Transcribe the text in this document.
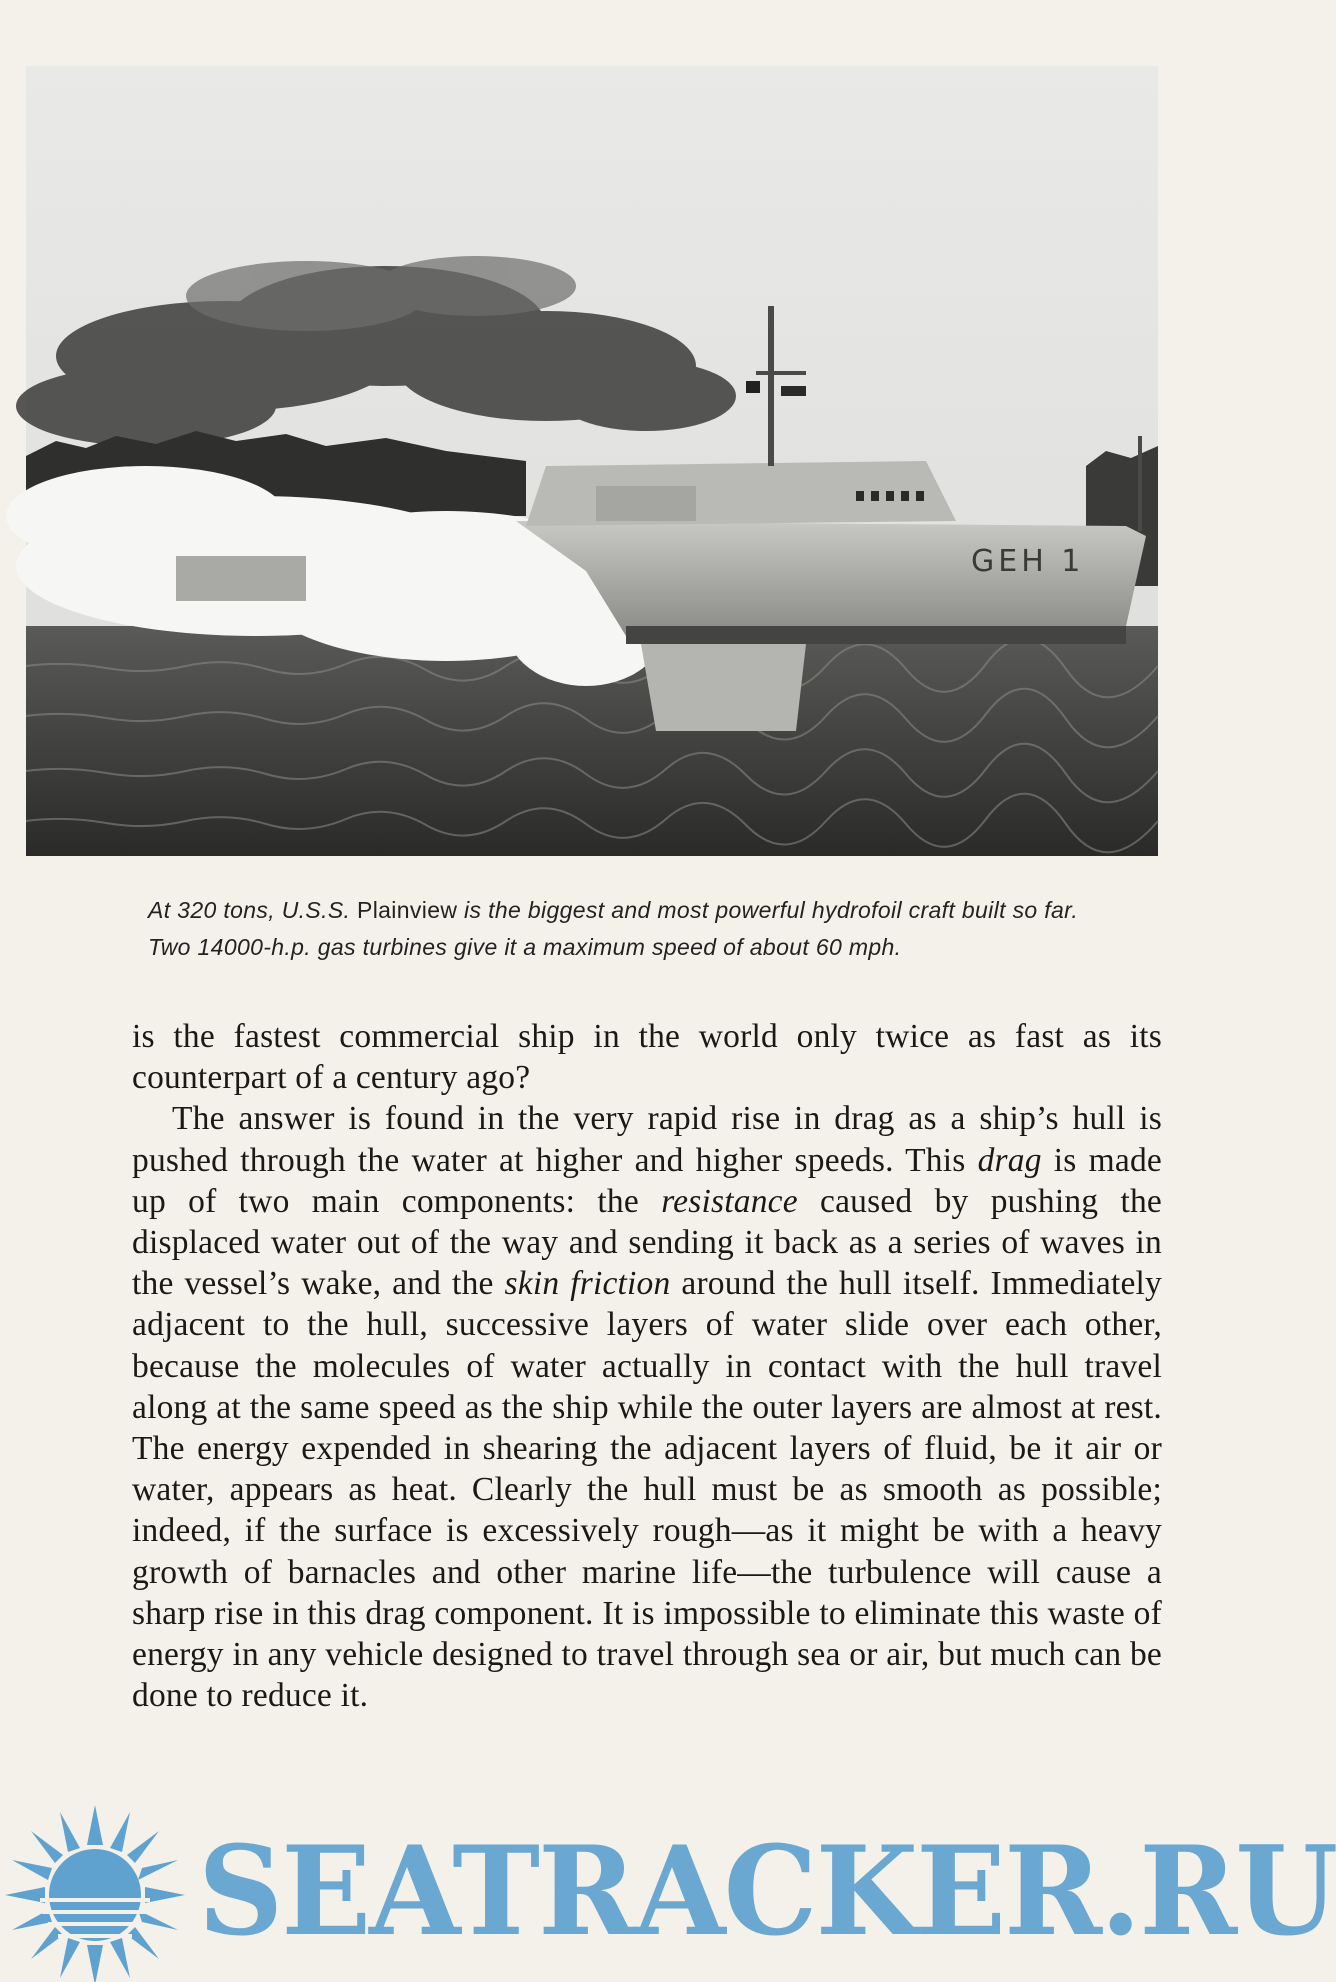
GEH 1

At 320 tons, U.S.S. Plainview is the biggest and most powerful hydrofoil craft built so far. Two 14000-h.p. gas turbines give it a maximum speed of about 60 mph.

is the fastest commercial ship in the world only twice as fast as its counterpart of a century ago?

The answer is found in the very rapid rise in drag as a ship’s hull is pushed through the water at higher and higher speeds. This drag is made up of two main components: the resistance caused by pushing the displaced water out of the way and sending it back as a series of waves in the vessel’s wake, and the skin friction around the hull itself. Immediately adjacent to the hull, successive layers of water slide over each other, because the molecules of water actually in contact with the hull travel along at the same speed as the ship while the outer layers are almost at rest. The energy expended in shearing the adjacent layers of fluid, be it air or water, appears as heat. Clearly the hull must be as smooth as possible; indeed, if the surface is excessively rough—as it might be with a heavy growth of barnacles and other marine life—the turbulence will cause a sharp rise in this drag component. It is impossible to eliminate this waste of energy in any vehicle designed to travel through sea or air, but much can be done to reduce it.

SEATRACKER.RU
